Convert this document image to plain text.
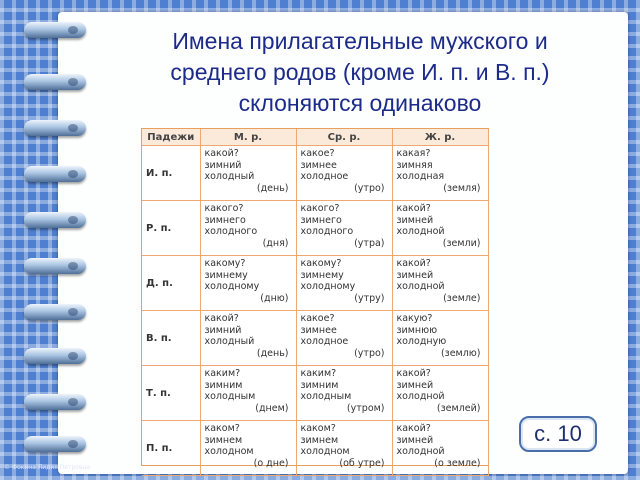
Имена прилагательные мужского и
среднего родов (кроме И. п. и В. п.)
склоняются одинаково
Падежи	М. р.	Ср. р.	Ж. р.
И. п.	какой?
зимний
холодный
(день)	какое?
зимнее
холодное
(утро)	какая?
зимняя
холодная
(земля)

Р. п.	какого?
зимнего
холодного
(дня)	какого?
зимнего
холодного
(утра)	какой?
зимней
холодной
(земли)

Д. п.	какому?
зимнему
холодному
(дню)	какому?
зимнему
холодному
(утру)	какой?
зимней
холодной
(земле)

В. п.	какой?
зимний
холодный
(день)	какое?
зимнее
холодное
(утро)	какую?
зимнюю
холодную
(землю)

Т. п.	каким?
зимним
холодным
(днем)	каким?
зимним
холодным
(утром)	какой?
зимней
холодной
(землей)

П. п.	каком?
зимнем
холодном
(о дне)	каком?
зимнем
холодном
(об утре)	какой?
зимней
холодной
(о земле)
с. 10
© Фокина Лидия Петровна
